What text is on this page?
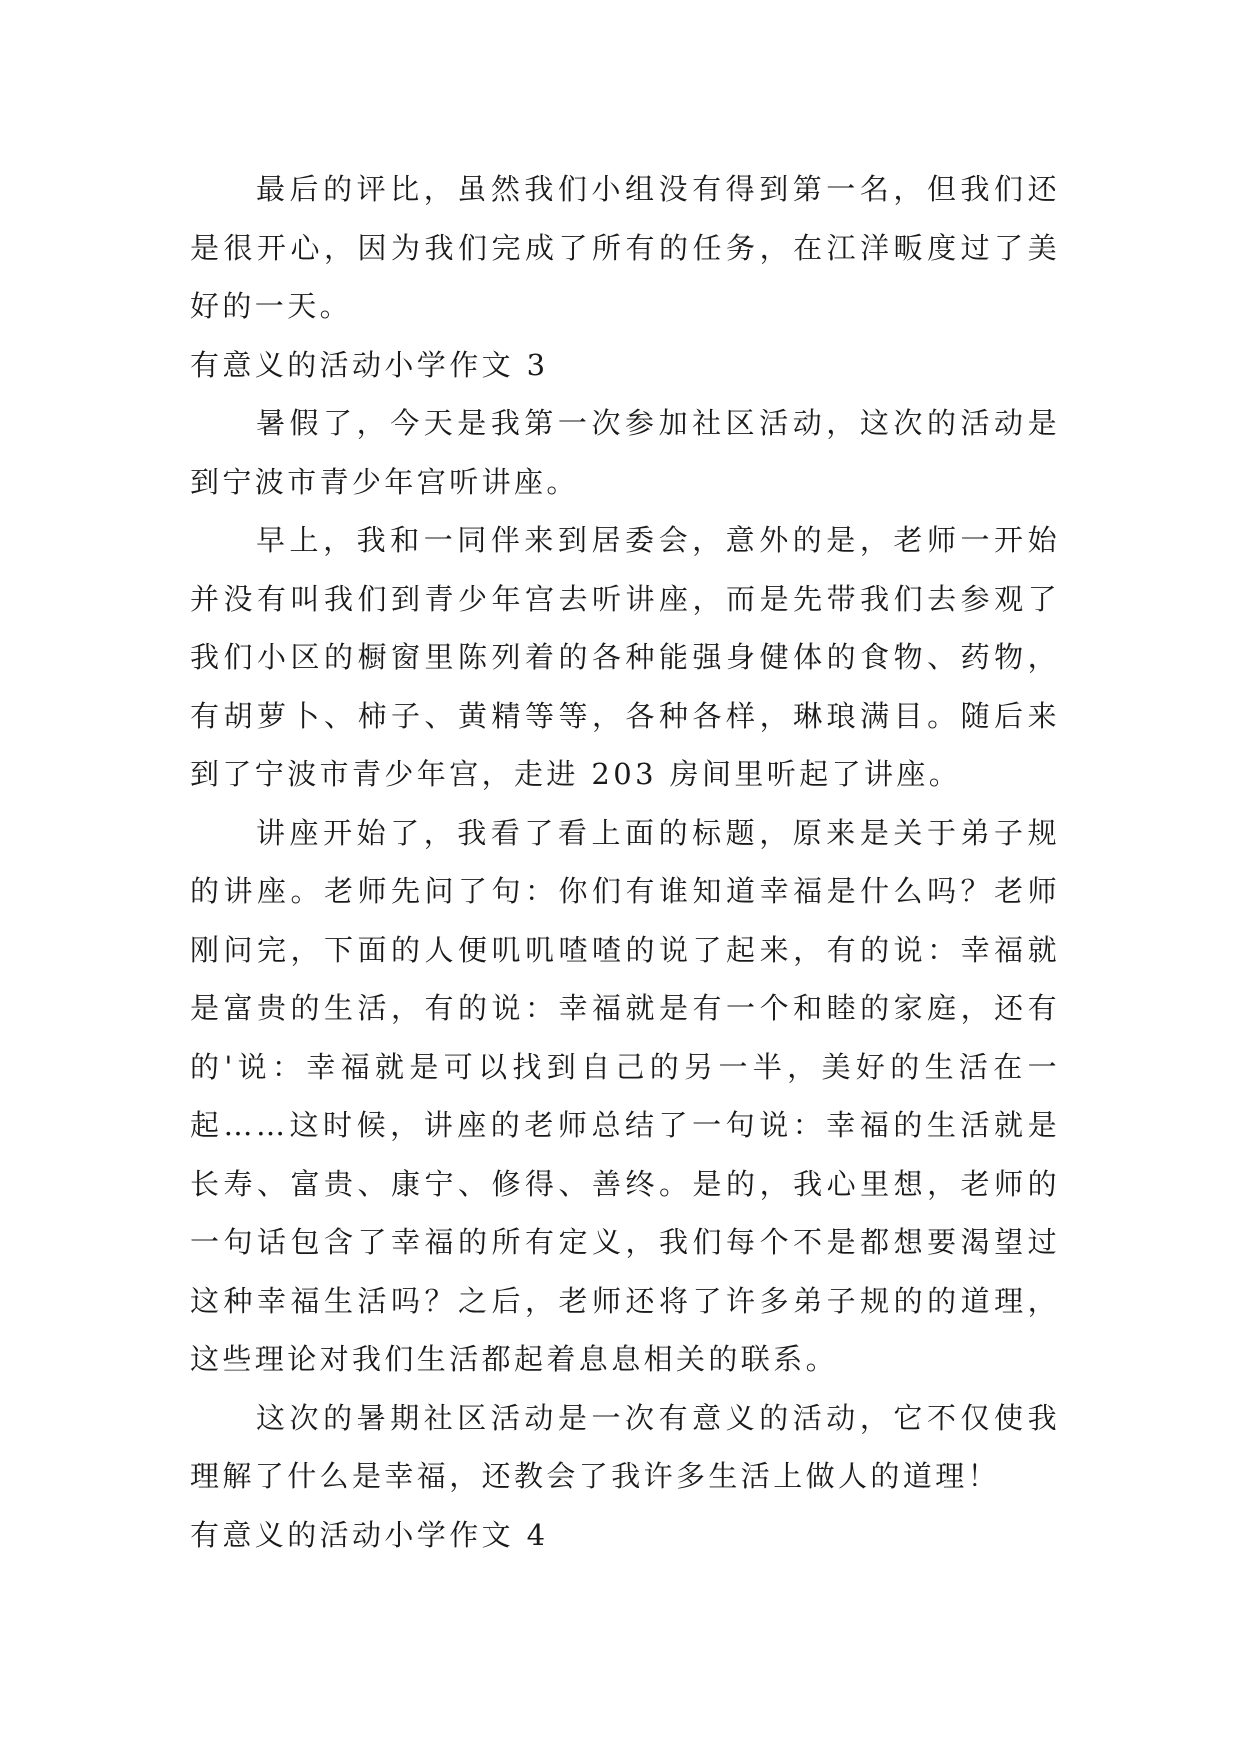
最后的评比，虽然我们小组没有得到第一名，但我们还是很开心，因为我们完成了所有的任务，在江洋畈度过了美好的一天。

有意义的活动小学作文 3

暑假了，今天是我第一次参加社区活动，这次的活动是到宁波市青少年宫听讲座。

早上，我和一同伴来到居委会，意外的是，老师一开始并没有叫我们到青少年宫去听讲座，而是先带我们去参观了我们小区的橱窗里陈列着的各种能强身健体的食物、药物，有胡萝卜、柿子、黄精等等，各种各样，琳琅满目。随后来到了宁波市青少年宫，走进 203 房间里听起了讲座。

讲座开始了，我看了看上面的标题，原来是关于弟子规的讲座。老师先问了句：你们有谁知道幸福是什么吗？老师刚问完，下面的人便叽叽喳喳的说了起来，有的说：幸福就是富贵的生活，有的说：幸福就是有一个和睦的家庭，还有的'说：幸福就是可以找到自己的另一半，美好的生活在一起……这时候，讲座的老师总结了一句说：幸福的生活就是长寿、富贵、康宁、修得、善终。是的，我心里想，老师的一句话包含了幸福的所有定义，我们每个不是都想要渴望过这种幸福生活吗？之后，老师还将了许多弟子规的的道理，这些理论对我们生活都起着息息相关的联系。

这次的暑期社区活动是一次有意义的活动，它不仅使我理解了什么是幸福，还教会了我许多生活上做人的道理！

有意义的活动小学作文 4
